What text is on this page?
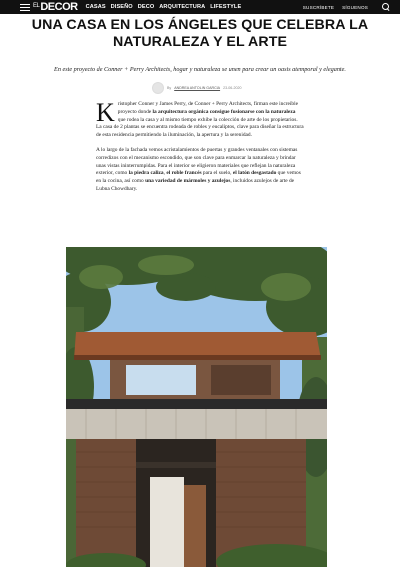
$^{EL}$DECOR CASAS DISEÑO DECO ARQUITECTURA LIFESTYLE	SUSCRÍBETE SÍGUENOS
UNA CASA EN LOS ÁNGELES QUE CELEBRA LA NATURALEZA Y EL ARTE

En este proyecto de Conner + Perry Architects, hogar y naturaleza se unen para crear un oasis atemporal y elegante.

By ANDREA ANTOLIN GARCIA 23-06-2020

Kristopher Conner y James Perry, de Conner + Perry Architects, firman este increíble proyecto donde la arquitectura orgánica consigue fusionarse con la naturaleza que rodea la casa y al mismo tiempo exhibe la colección de arte de los propietarios. La casa de 2 plantas se encuentra rodeada de robles y eucaliptos, clave para diseñar la estructura de esta residencia permitiendo la iluminación, la apertura y la serenidad.

A lo largo de la fachada vemos acristalamientos de puertas y grandes ventanales con sistemas corredizos con el mecanismo escondido, que son clave para enmarcar la naturaleza y brindar unas vistas ininterrumpidas. Para el interior se eligieron materiales que reflejan la naturaleza exterior, como la piedra caliza, el roble francés para el suelo, el latón desgastado que vemos en la cocina, así como una variedad de mármoles y azulejos, incluidos azulejos de arte de Lubna Chowdhary.
